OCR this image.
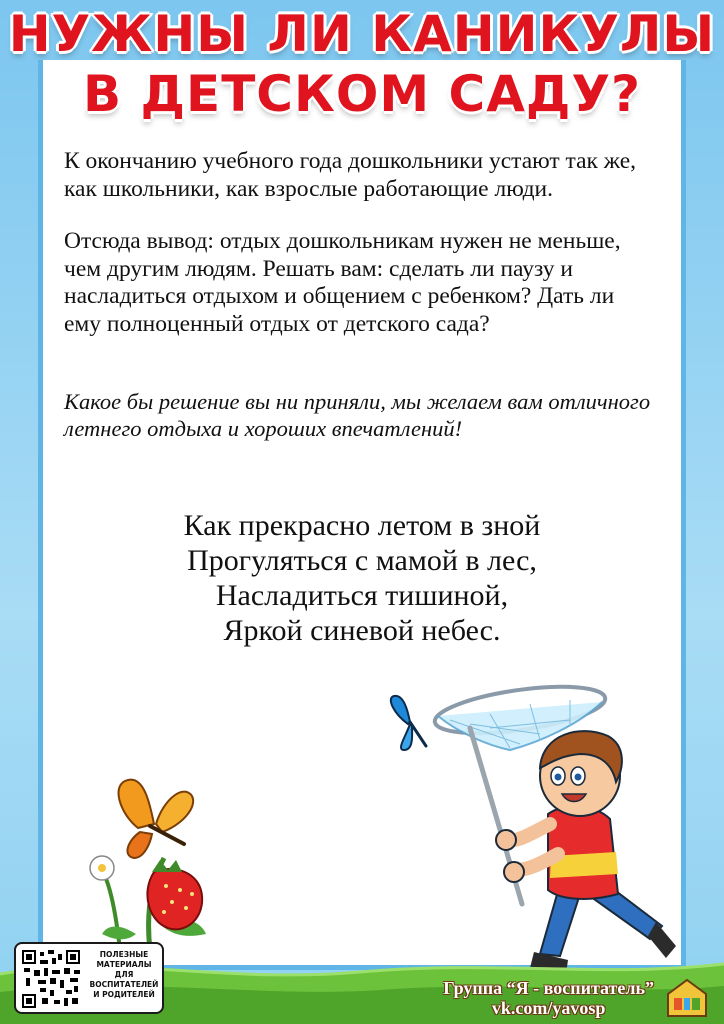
НУЖНЫ ЛИ КАНИКУЛЫ
В ДЕТСКОМ САДУ?

К окончанию учебного года дошкольники устают так же, как школьники, как взрослые работающие люди.

Отсюда вывод: отдых дошкольникам нужен не меньше, чем другим людям. Решать вам: сделать ли паузу и насладиться отдыхом и общением с ребенком? Дать ли ему полноценный отдых от детского сада?

Какое бы решение вы ни приняли, мы желаем вам отличного летнего отдыха и хороших впечатлений!

Как прекрасно летом в зной
Прогуляться с мамой в лес,
Насладиться тишиной,
Яркой синевой небес.
ПОЛЕЗНЫЕ
МАТЕРИАЛЫ
ДЛЯ
ВОСПИТАТЕЛЕЙ
И РОДИТЕЛЕЙ	Группа “Я - воспитатель”
vk.com/yavosp
